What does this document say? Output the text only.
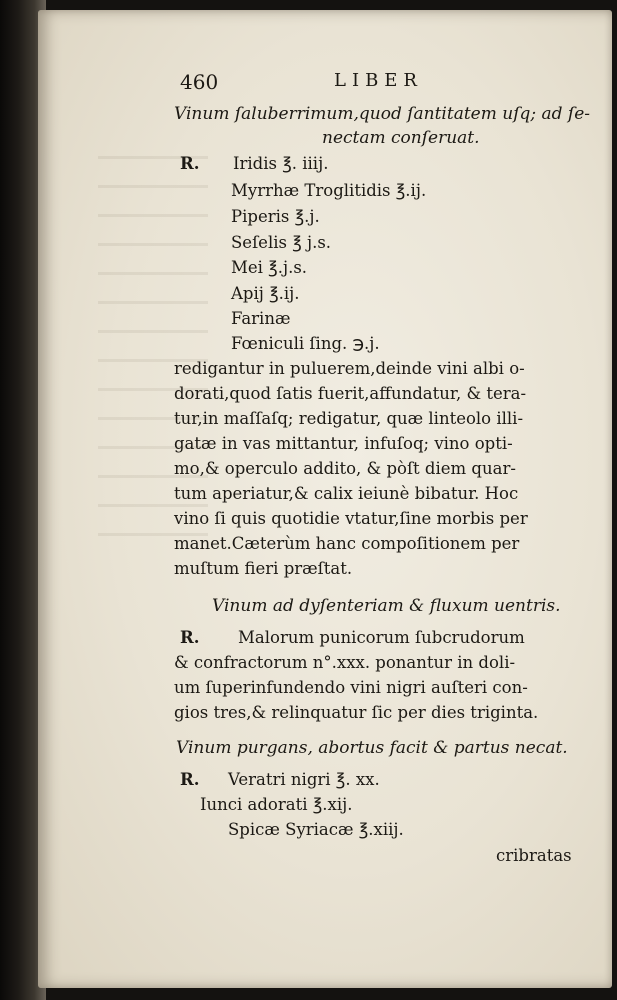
460	LIBER
Vinum ſaluberrimum,quod ſantitatem uſq; ad ſe-
nectam conſeruat.
R. Iridis ℥. iiij.
Myrrhæ Troglitidis ℥.ij.
Piperis ℥.j.
Seſelis ℥ j.s.
Mei ℥.j.s.
Apij ℥.ij.
Farinæ
Fœniculi ſing. ℈.j.
redigantur in puluerem,deinde vini albi o-
dorati,quod ſatis fuerit,affundatur, & tera-
tur,in maſſaſq; redigatur, quæ linteolo illi-
gatæ in vas mittantur, infuſoq; vino opti-
mo,& operculo addito, & pòſt diem quar-
tum aperiatur,& calix ieiunè bibatur. Hoc
vino ſi quis quotidie vtatur,ſine morbis per
manet.Cæterùm hanc compoſitionem per
muſtum fieri præſtat.
Vinum ad dyſenteriam & fluxum uentris.
R. Malorum punicorum ſubcrudorum
& confractorum n°.xxx. ponantur in doli-
um ſuperinfundendo vini nigri auſteri con-
gios tres,& relinquatur ſic per dies triginta.
Vinum purgans, abortus facit & partus necat.
R. Veratri nigri ℥. xx.
Iunci adorati ℥.xij.
Spicæ Syriacæ ℥.xiij.
cribratas
